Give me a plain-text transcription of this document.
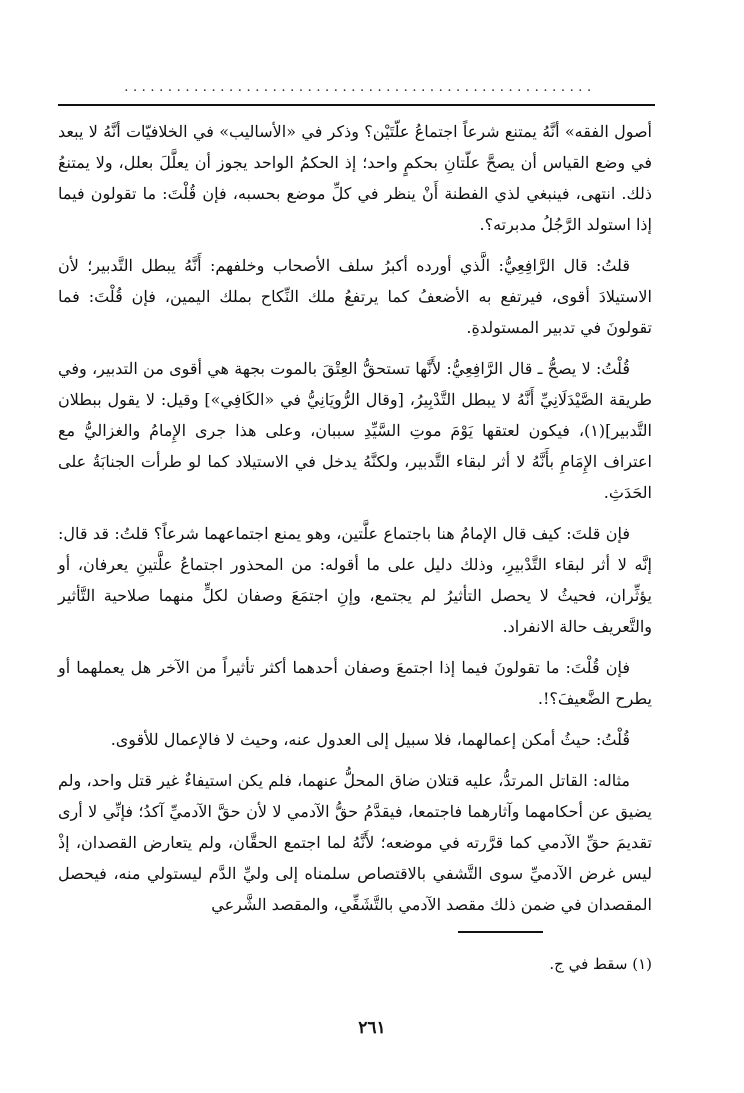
......................................................

أصول الفقه» أنَّهُ يمتنع شرعاً اجتماعُ علّتَيْن؟ وذكر في «الأساليب» في الخلافيّات أنَّهُ لا يبعد في وضع القياس أن يصحَّ علّتانِ بحكمٍ واحد؛ إذ الحكمُ الواحد يجوز أن يعلَّلَ بعلل، ولا يمتنعُ ذلك. انتهى، فينبغي لذي الفطنة أَنْ ينظر في كلِّ موضع بحسبه، فإن قُلْتَ: ما تقولون فيما إذا استولد الرَّجُلُ مدبرته؟.

قلتُ: قال الرَّافِعِيُّ: الَّذي أورده أكبرُ سلف الأصحاب وخلفهم: أَنَّهُ يبطل التَّدبير؛ لأن الاستيلادَ أقوى، فيرتفع به الأضعفُ كما يرتفعُ ملك النِّكاح بملك اليمين، فإن قُلْتَ: فما تقولونَ في تدبير المستولدةِ.

قُلْتُ: لا يصحُّ ـ قال الرَّافِعِيُّ: لأَنَّها تستحقُّ العِتْقَ بالموت بجهة هي أقوى من التدبير، وفي طريقة الصَّيْدَلَانِيِّ أَنَّهُ لا يبطل التَّدْبِيرُ، [وقال الرُّويَانِيُّ في «الكَافِي»] وقيل: لا يقول ببطلان التَّدبير](١)، فيكون لعتقها يَوْمَ موتِ السَّيِّدِ سببان، وعلى هذا جرى الإِمامُ والغزاليُّ مع اعتراف الإِمَامِ بأَنَّهُ لا أثر لبقاء التَّدبير، ولكنَّهُ يدخل في الاستيلاد كما لو طرأت الجنابَةُ على الحَدَثِ.

فإن قلتَ: كيف قال الإمامُ هنا باجتماع علَّتين، وهو يمنع اجتماعهما شرعاً؟ قلتُ: قد قال: إنَّه لا أثر لبقاء التَّدْبيرِ، وذلك دليل على ما أقوله: من المحذور اجتماعُ علَّتينِ يعرفان، أو يؤثِّران، فحيثُ لا يحصل التأثيرُ لم يجتمع، وإنِ اجتمَعَ وصفان لكلٍّ منهما صلاحية التَّأثير والتَّعريف حالة الانفراد.

فإن قُلْتَ: ما تقولونَ فيما إذا اجتمعَ وصفان أحدهما أكثر تأثيراً من الآخر هل يعملهما أو يطرح الضَّعيفَ؟!.

قُلْتُ: حيثُ أمكن إعمالهما، فلا سبيل إلى العدول عنه، وحيث لا فالإعمال للأقوى.

مثاله: القاتل المرتدُّ، عليه قتلان ضاق المحلُّ عنهما، فلم يكن استيفاءٌ غير قتل واحد، ولم يضيق عن أحكامهما وآثارهما فاجتمعا، فيقدَّمُ حقُّ الآدمي لا لأن حقَّ الآدميِّ آكدُ؛ فإنِّي لا أرى تقديمَ حقِّ الآدمي كما قرَّرته في موضعه؛ لأَنَّهُ لما اجتمع الحقَّان، ولم يتعارض القصدان، إذْ ليس غرض الآدميِّ سوى التَّشفي بالاقتصاص سلمناه إلى وليِّ الدَّم ليستولي منه، فيحصل المقصدان في ضمن ذلك مقصد الآدمي بالتَّشَفِّي، والمقصد الشَّرعي

(١) سقط في ج.
٢٦١
